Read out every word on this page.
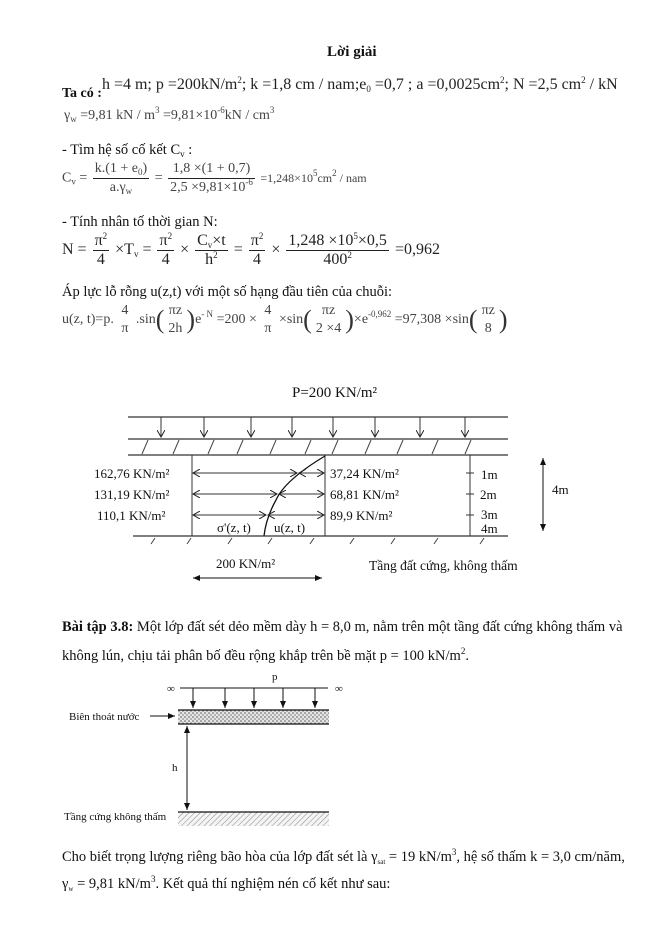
Lời giải
Ta có :h =4 m; $p =200kN/m^2$; k =1,8 cm / $nam;e_0 =0,7$ ; $a =0,0025cm^2$; N =2,5 $cm^2$ / kN
$\gamma_w =9,81$ kN / $m^3 =9,81\times 10^{-6}kN / cm^3$
- Tìm hệ số cố kết $C_v$ :
$C_v = \frac{k.(1 + e_0)}{a.\gamma_w} = \frac{1,8 \times(1 + 0,7)}{2,5 \times 9,81\times 10^{-6}} =1,248\times 10^5cm^2$ / nam
- Tính nhân tố thời gian N:
$N = \frac{\pi^2}{4} \times T_v = \frac{\pi^2}{4} \times \frac{C_v\times t}{h^2} = \frac{\pi^2}{4} \times \frac{1,248 \times 10^5\times 0,5}{400^2} =0,962$
Áp lực lỗ rỗng u(z,t) với một số hạng đầu tiên của chuỗi:
u(z, t)=p.
4
π
.sin( πz
2h )$e^{- N} =200$ ×
4
π
×sin( πz
2 ×4 )$\times e^{-0,962} =97,308 \times\sin$( πz
8 )
P=200 KN/m²
162,76 KN/m²
131,19 KN/m²
110,1 KN/m²
37,24 KN/m²
68,81 KN/m²
89,9 KN/m²
1m
2m
3m
4m
σ'(z, t) u(z, t)
4m
200 KN/m²	Tầng đất cứng, không thấm
p
∞	∞
Biên thoát nước
h
Tầng cứng không thấm
Bài tập 3.8: Một lớp đất sét dẻo mềm dày h = 8,0 m, nằm trên một tầng đất cứng không thấm và
không lún, chịu tải phân bố đều rộng khắp trên bề mặt p = 100 $kN/m^2$.
Cho biết trọng lượng riêng bão hòa của lớp đất sét là $\gamma_{sat} = 19$ $kN/m^3$, hệ số thấm k = 3,0 cm/năm,
$\gamma_w = 9,81$ $kN/m^3$. Kết quả thí nghiệm nén cố kết như sau:
